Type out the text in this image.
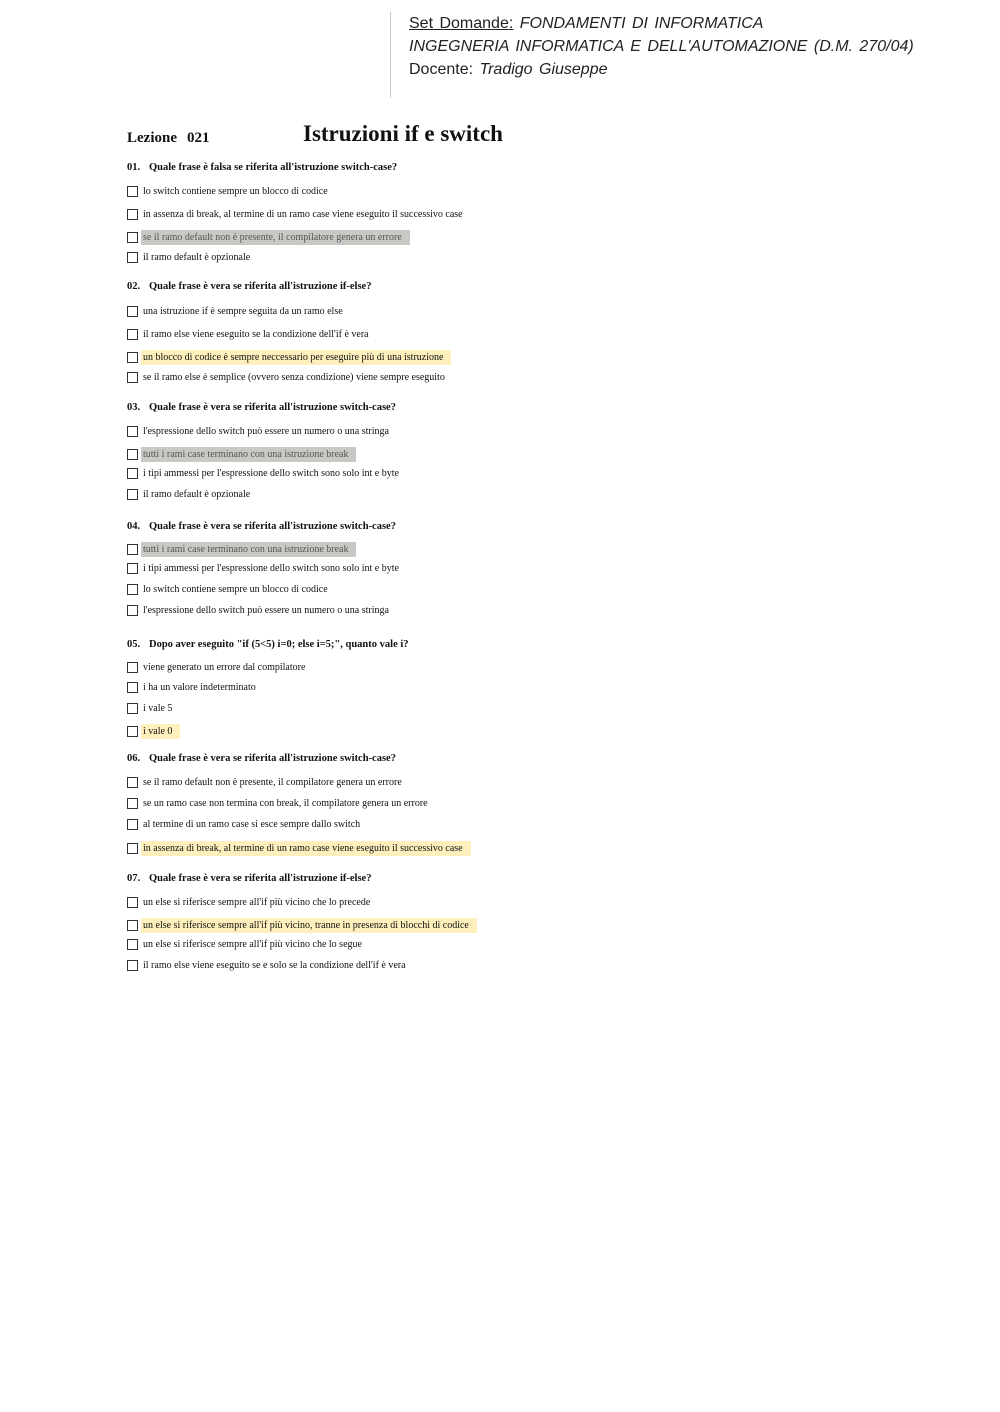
Set Domande: FONDAMENTI DI INFORMATICA
INGEGNERIA INFORMATICA E DELL'AUTOMAZIONE (D.M. 270/04)
Docente: Tradigo Giuseppe
Lezione 021	Istruzioni if e switch
01. Quale frase è falsa se riferita all'istruzione switch-case?
lo switch contiene sempre un blocco di codice
in assenza di break, al termine di un ramo case viene eseguito il successivo case
se il ramo default non è presente, il compilatore genera un errore
il ramo default è opzionale
02. Quale frase è vera se riferita all'istruzione if-else?
una istruzione if è sempre seguita da un ramo else
il ramo else viene eseguito se la condizione dell'if è vera
un blocco di codice è sempre neccessario per eseguire più di una istruzione
se il ramo else è semplice (ovvero senza condizione) viene sempre eseguito
03. Quale frase è vera se riferita all'istruzione switch-case?
l'espressione dello switch può essere un numero o una stringa
tutti i rami case terminano con una istruzione break
i tipi ammessi per l'espressione dello switch sono solo int e byte
il ramo default è opzionale
04. Quale frase è vera se riferita all'istruzione switch-case?
tutti i rami case terminano con una istruzione break
i tipi ammessi per l'espressione dello switch sono solo int e byte
lo switch contiene sempre un blocco di codice
l'espressione dello switch può essere un numero o una stringa
05. Dopo aver eseguito "if (5<5) i=0; else i=5;", quanto vale i?
viene generato un errore dal compilatore
i ha un valore indeterminato
i vale 5
i vale 0
06. Quale frase è vera se riferita all'istruzione switch-case?
se il ramo default non è presente, il compilatore genera un errore
se un ramo case non termina con break, il compilatore genera un errore
al termine di un ramo case si esce sempre dallo switch
in assenza di break, al termine di un ramo case viene eseguito il successivo case
07. Quale frase è vera se riferita all'istruzione if-else?
un else si riferisce sempre all'if più vicino che lo precede
un else si riferisce sempre all'if più vicino, tranne in presenza di blocchi di codice
un else si riferisce sempre all'if più vicino che lo segue
il ramo else viene eseguito se e solo se la condizione dell'if è vera
